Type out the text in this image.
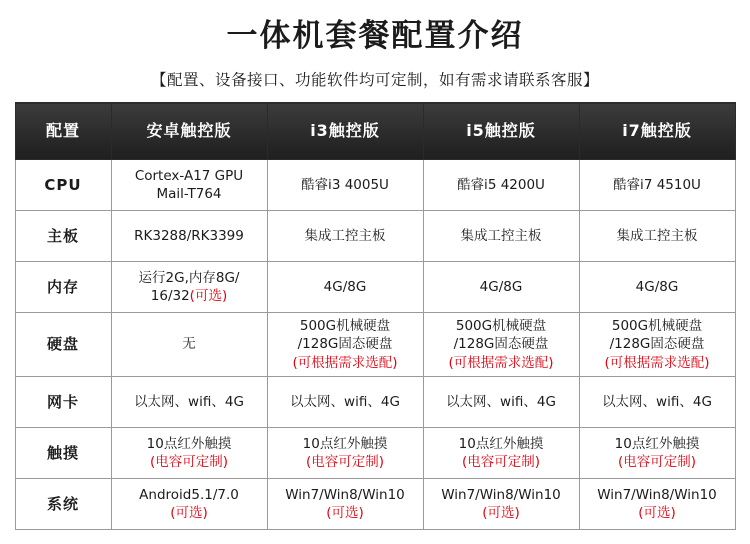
一体机套餐配置介绍
【配置、设备接口、功能软件均可定制，如有需求请联系客服】
配置	安卓触控版	i3触控版	i5触控版	i7触控版
CPU	Cortex-A17 GPU
Mail-T764	酷睿i3 4005U	酷睿i5 4200U	酷睿i7 4510U

主板	RK3288/RK3399	集成工控主板	集成工控主板	集成工控主板

内存	运行2G,内存8G/
16/32(可选)	4G/8G	4G/8G	4G/8G

硬盘	无	500G机械硬盘
/128G固态硬盘
(可根据需求选配)	500G机械硬盘
/128G固态硬盘
(可根据需求选配)	500G机械硬盘
/128G固态硬盘
(可根据需求选配)

网卡	以太网、wifi、4G	以太网、wifi、4G	以太网、wifi、4G	以太网、wifi、4G

触摸	10点红外触摸
(电容可定制)	10点红外触摸
(电容可定制)	10点红外触摸
(电容可定制)	10点红外触摸
(电容可定制)

系统	Android5.1/7.0
(可选)	Win7/Win8/Win10
(可选)	Win7/Win8/Win10
(可选)	Win7/Win8/Win10
(可选)
